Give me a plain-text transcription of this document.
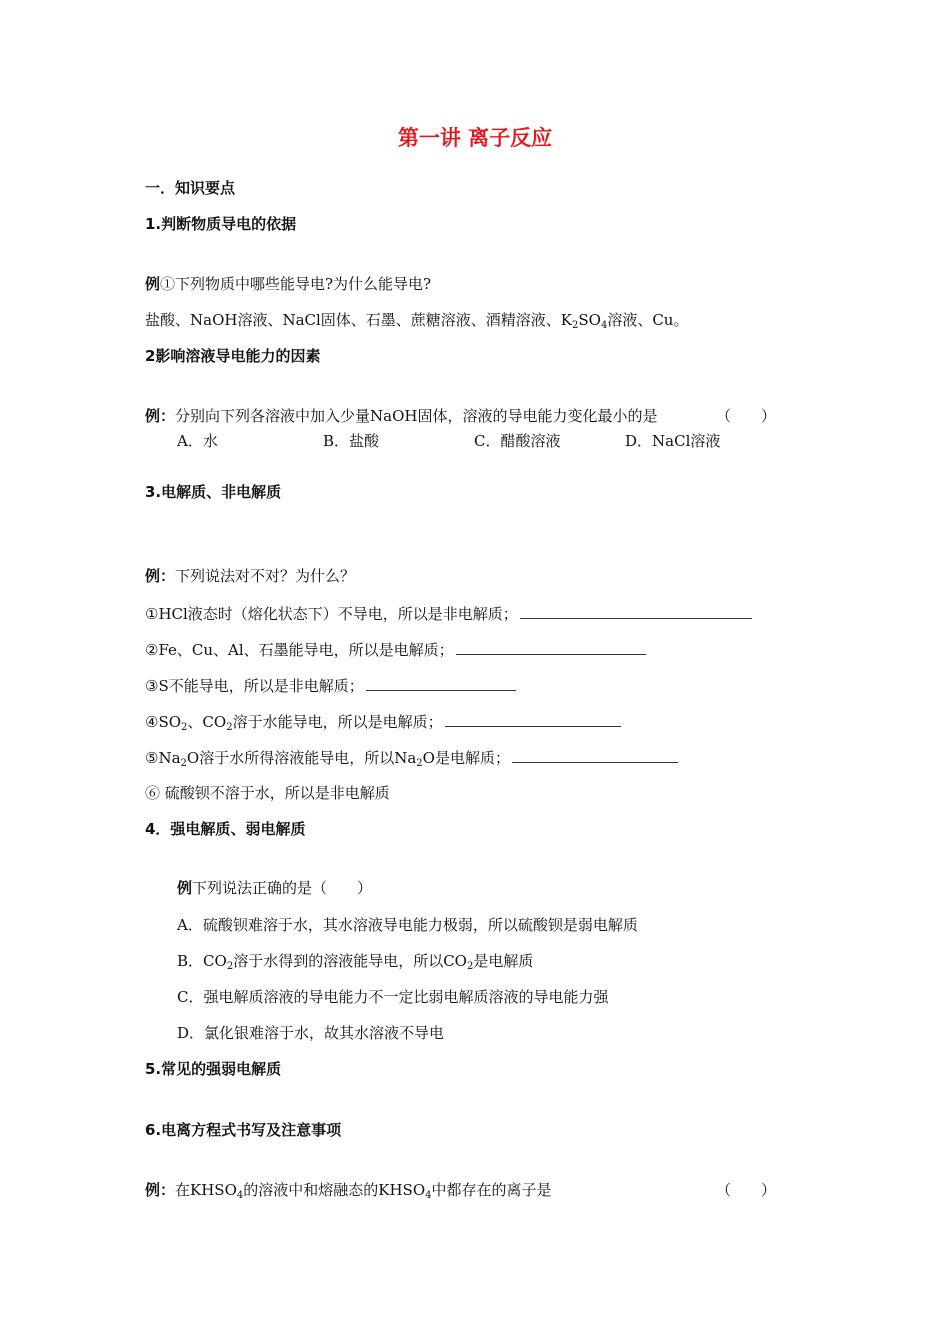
第一讲 离子反应
一．知识要点
1.判断物质导电的依据
例①下列物质中哪些能导电?为什么能导电?
盐酸、NaOH溶液、NaCl固体、石墨、蔗糖溶液、酒精溶液、$K_2SO_4$溶液、Cu。
2影响溶液导电能力的因素
例：分别向下列各溶液中加入少量NaOH固体，溶液的导电能力变化最小的是	（　　）
A．水	B．盐酸	C．醋酸溶液	D．NaCl溶液
3.电解质、非电解质
例：下列说法对不对？为什么？
①HCl液态时（熔化状态下）不导电，所以是非电解质；
②Fe、Cu、Al、石墨能导电，所以是电解质；
③S不能导电，所以是非电解质；
$④SO_2$、$CO_2$溶于水能导电，所以是电解质；
$⑤Na_2O$溶于水所得溶液能导电，所以$Na_2O$是电解质；
⑥ 硫酸钡不溶于水，所以是非电解质
4．强电解质、弱电解质
例下列说法正确的是（　　）
A．硫酸钡难溶于水，其水溶液导电能力极弱，所以硫酸钡是弱电解质
B．$CO_2$溶于水得到的溶液能导电，所以$CO_2$是电解质
C．强电解质溶液的导电能力不一定比弱电解质溶液的导电能力强
D．氯化银难溶于水，故其水溶液不导电
5.常见的强弱电解质
6.电离方程式书写及注意事项
例：在$KHSO_4$的溶液中和熔融态的$KHSO_4$中都存在的离子是	（　　）
